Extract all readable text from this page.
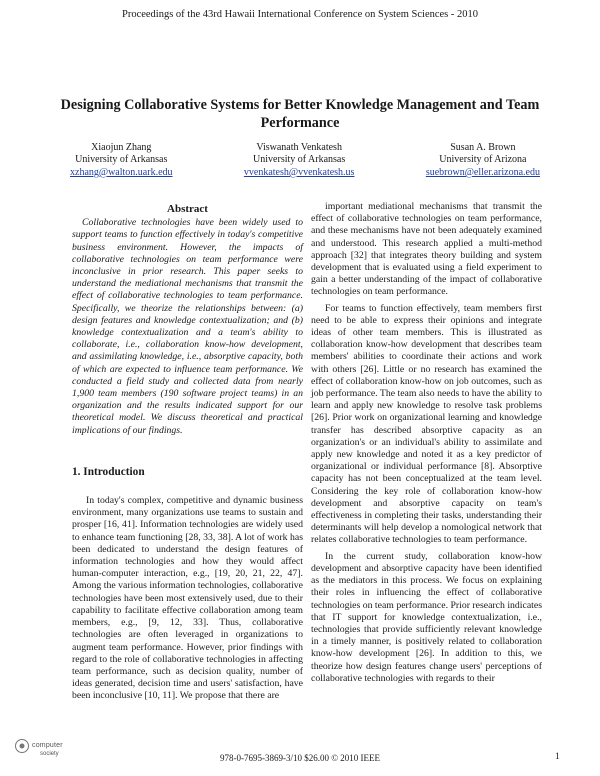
Proceedings of the 43rd Hawaii International Conference on System Sciences - 2010
Designing Collaborative Systems for Better Knowledge Management and Team Performance
Xiaojun Zhang
University of Arkansas
xzhang@walton.uark.edu
Viswanath Venkatesh
University of Arkansas
vvenkatesh@vvenkatesh.us
Susan A. Brown
University of Arizona
suebrown@eller.arizona.edu
Abstract

Collaborative technologies have been widely used to support teams to function effectively in today's competitive business environment. However, the impacts of collaborative technologies on team performance were inconclusive in prior research. This paper seeks to understand the mediational mechanisms that transmit the effect of collaborative technologies to team performance. Specifically, we theorize the relationships between: (a) design features and knowledge contextualization; and (b) knowledge contextualization and a team's ability to collaborate, i.e., collaboration know-how development, and assimilating knowledge, i.e., absorptive capacity, both of which are expected to influence team performance. We conducted a field study and collected data from nearly 1,900 team members (190 software project teams) in an organization and the results indicated support for our theoretical model. We discuss theoretical and practical implications of our findings.

1. Introduction

In today's complex, competitive and dynamic business environment, many organizations use teams to sustain and prosper [16, 41]. Information technologies are widely used to enhance team functioning [28, 33, 38]. A lot of work has been dedicated to understand the design features of information technologies and how they would affect human-computer interaction, e.g., [19, 20, 21, 22, 47]. Among the various information technologies, collaborative technologies have been most extensively used, due to their capability to facilitate effective collaboration among team members, e.g., [9, 12, 33]. Thus, collaborative technologies are often leveraged in organizations to augment team performance. However, prior findings with regard to the role of collaborative technologies in affecting team performance, such as decision quality, number of ideas generated, decision time and users' satisfaction, have been inconclusive [10, 11]. We propose that there are

important mediational mechanisms that transmit the effect of collaborative technologies on team performance, and these mechanisms have not been adequately examined and understood. This research applied a multi-method approach [32] that integrates theory building and system development that is evaluated using a field experiment to gain a better understanding of the impact of collaborative technologies on team performance.

For teams to function effectively, team members first need to be able to express their opinions and integrate ideas of other team members. This is illustrated as collaboration know-how development that describes team members' abilities to coordinate their actions and work with others [26]. Little or no research has examined the effect of collaboration know-how on job outcomes, such as job performance. The team also needs to have the ability to learn and apply new knowledge to resolve task problems [26]. Prior work on organizational learning and knowledge transfer has described absorptive capacity as an organization's or an individual's ability to assimilate and apply new knowledge and noted it as a key predictor of organizational or individual performance [8]. Absorptive capacity has not been conceptualized at the team level. Considering the key role of collaboration know-how development and absorptive capacity on team's effectiveness in completing their tasks, understanding their determinants will help develop a nomological network that relates collaborative technologies to team performance.

In the current study, collaboration know-how development and absorptive capacity have been identified as the mediators in this process. We focus on explaining their roles in influencing the effect of collaborative technologies on team performance. Prior research indicates that IT support for knowledge contextualization, i.e., technologies that provide sufficiently relevant knowledge in a timely manner, is positively related to collaboration know-how development [26]. In addition to this, we theorize how design features change users' perceptions of collaborative technologies with regards to their

computer
society	978-0-7695-3869-3/10 $26.00 © 2010 IEEE	1
